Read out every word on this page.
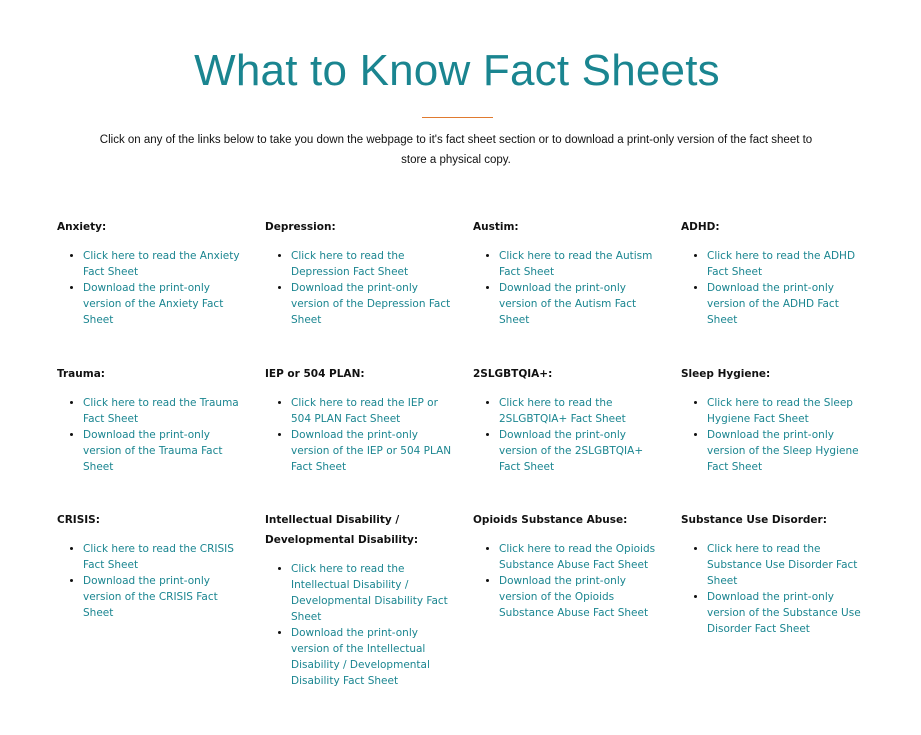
What to Know Fact Sheets

Click on any of the links below to take you down the webpage to it's fact sheet section or to download a print-only version of the fact sheet to store a physical copy.

Anxiety:

• Click here to read the Anxiety Fact Sheet
• Download the print-only version of the Anxiety Fact Sheet

Depression:

• Click here to read the Depression Fact Sheet
• Download the print-only version of the Depression Fact Sheet

Austim:

• Click here to read the Autism Fact Sheet
• Download the print-only version of the Autism Fact Sheet

ADHD:

• Click here to read the ADHD Fact Sheet
• Download the print-only version of the ADHD Fact Sheet

Trauma:

• Click here to read the Trauma Fact Sheet
• Download the print-only version of the Trauma Fact Sheet

IEP or 504 PLAN:

• Click here to read the IEP or 504 PLAN Fact Sheet
• Download the print-only version of the IEP or 504 PLAN Fact Sheet

2SLGBTQIA+:

• Click here to read the 2SLGBTQIA+ Fact Sheet
• Download the print-only version of the 2SLGBTQIA+ Fact Sheet

Sleep Hygiene:

• Click here to read the Sleep Hygiene Fact Sheet
• Download the print-only version of the Sleep Hygiene Fact Sheet

CRISIS:

• Click here to read the CRISIS Fact Sheet
• Download the print-only version of the CRISIS Fact Sheet

Intellectual Disability / Developmental Disability:

• Click here to read the Intellectual Disability / Developmental Disability Fact Sheet
• Download the print-only version of the Intellectual Disability / Developmental Disability Fact Sheet

Opioids Substance Abuse:

• Click here to read the Opioids Substance Abuse Fact Sheet
• Download the print-only version of the Opioids Substance Abuse Fact Sheet

Substance Use Disorder:

• Click here to read the Substance Use Disorder Fact Sheet
• Download the print-only version of the Substance Use Disorder Fact Sheet
